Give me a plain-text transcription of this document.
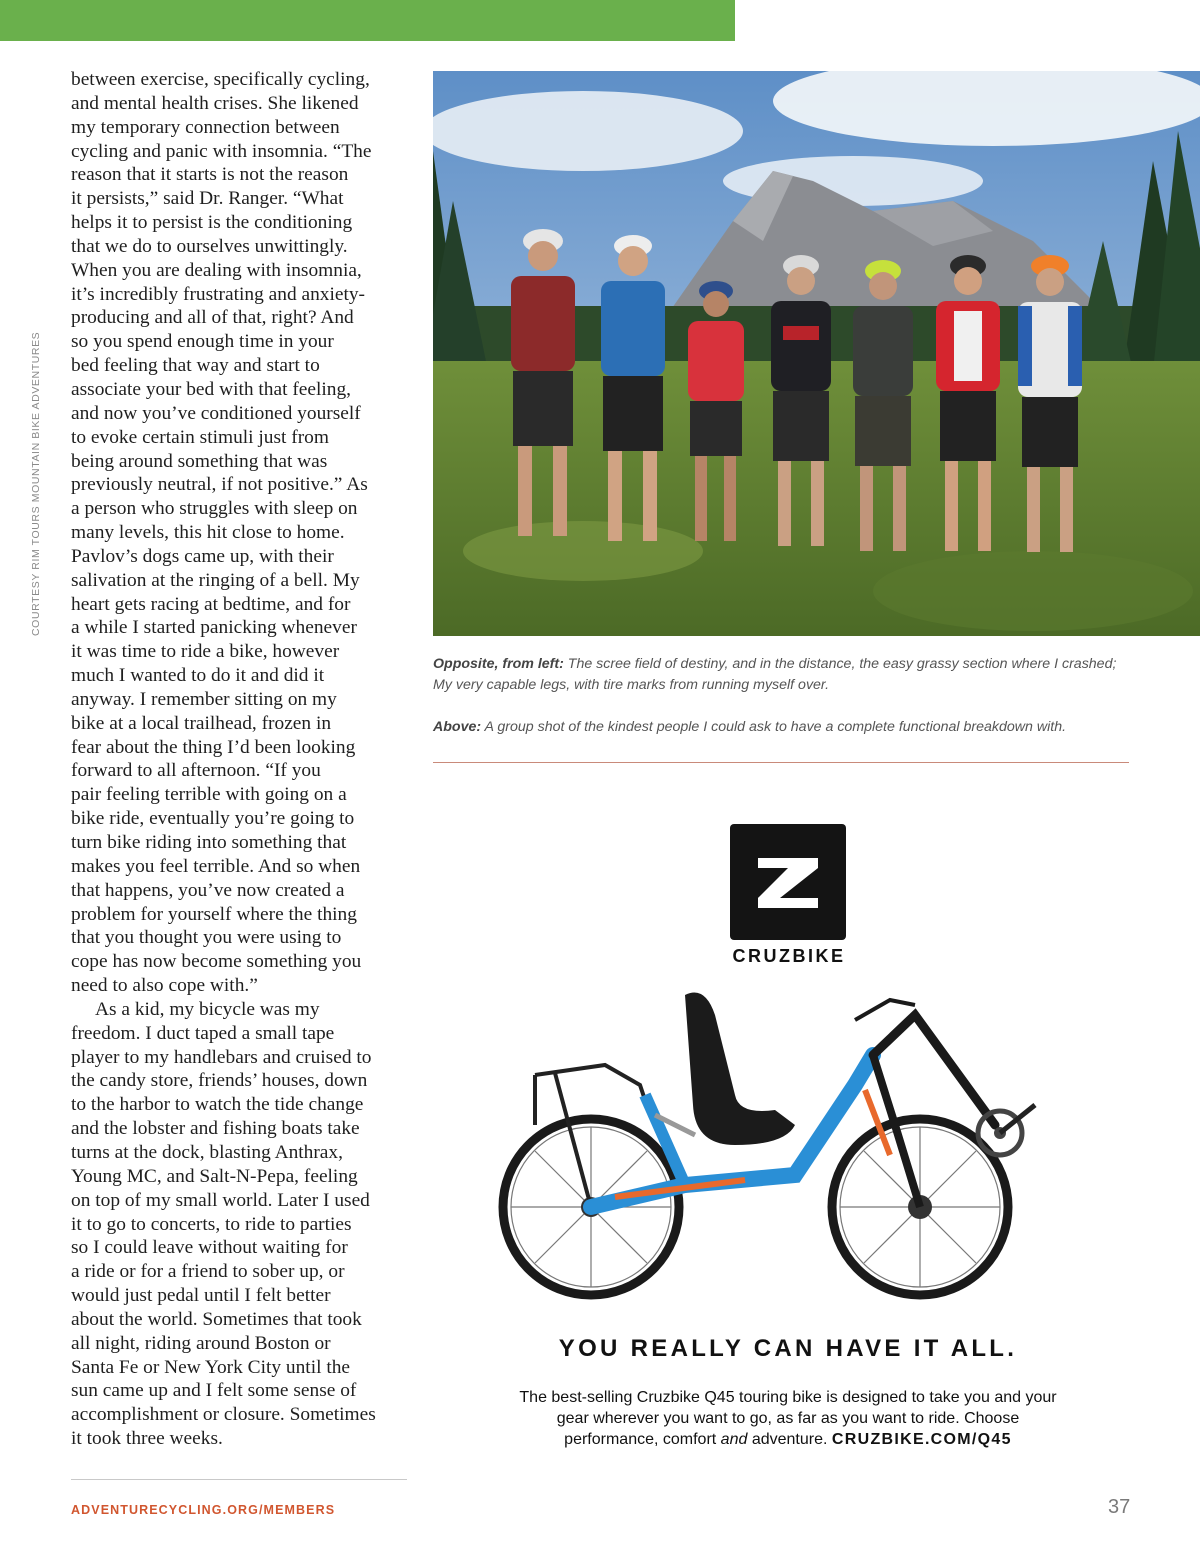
COURTESY RIM TOURS MOUNTAIN BIKE ADVENTURES

between exercise, specifically cycling,
and mental health crises. She likened
my temporary connection between
cycling and panic with insomnia. “The
reason that it starts is not the reason
it persists,” said Dr. Ranger. “What
helps it to persist is the conditioning
that we do to ourselves unwittingly.
When you are dealing with insomnia,
it’s incredibly frustrating and anxiety-
producing and all of that, right? And
so you spend enough time in your
bed feeling that way and start to
associate your bed with that feeling,
and now you’ve conditioned yourself
to evoke certain stimuli just from
being around something that was
previously neutral, if not positive.” As
a person who struggles with sleep on
many levels, this hit close to home.
Pavlov’s dogs came up, with their
salivation at the ringing of a bell. My
heart gets racing at bedtime, and for
a while I started panicking whenever
it was time to ride a bike, however
much I wanted to do it and did it
anyway. I remember sitting on my
bike at a local trailhead, frozen in
fear about the thing I’d been looking
forward to all afternoon. “If you
pair feeling terrible with going on a
bike ride, eventually you’re going to
turn bike riding into something that
makes you feel terrible. And so when
that happens, you’ve now created a
problem for yourself where the thing
that you thought you were using to
cope has now become something you
need to also cope with.”

As a kid, my bicycle was my
freedom. I duct taped a small tape
player to my handlebars and cruised to
the candy store, friends’ houses, down
to the harbor to watch the tide change
and the lobster and fishing boats take
turns at the dock, blasting Anthrax,
Young MC, and Salt-N-Pepa, feeling
on top of my small world. Later I used
it to go to concerts, to ride to parties
so I could leave without waiting for
a ride or for a friend to sober up, or
would just pedal until I felt better
about the world. Sometimes that took
all night, riding around Boston or
Santa Fe or New York City until the
sun came up and I felt some sense of
accomplishment or closure. Sometimes
it took three weeks.

ADVENTURECYCLING.ORG/MEMBERS	37
Opposite, from left: The scree field of destiny, and in the distance, the easy grassy section where I crashed; My very capable legs, with tire marks from running myself over.
Above: A group shot of the kindest people I could ask to have a complete functional breakdown with.
CRUZBIKE
YOU REALLY CAN HAVE IT ALL.
The best-selling Cruzbike Q45 touring bike is designed to take you and your
gear wherever you want to go, as far as you want to ride. Choose
performance, comfort and adventure. CRUZBIKE.COM/Q45
